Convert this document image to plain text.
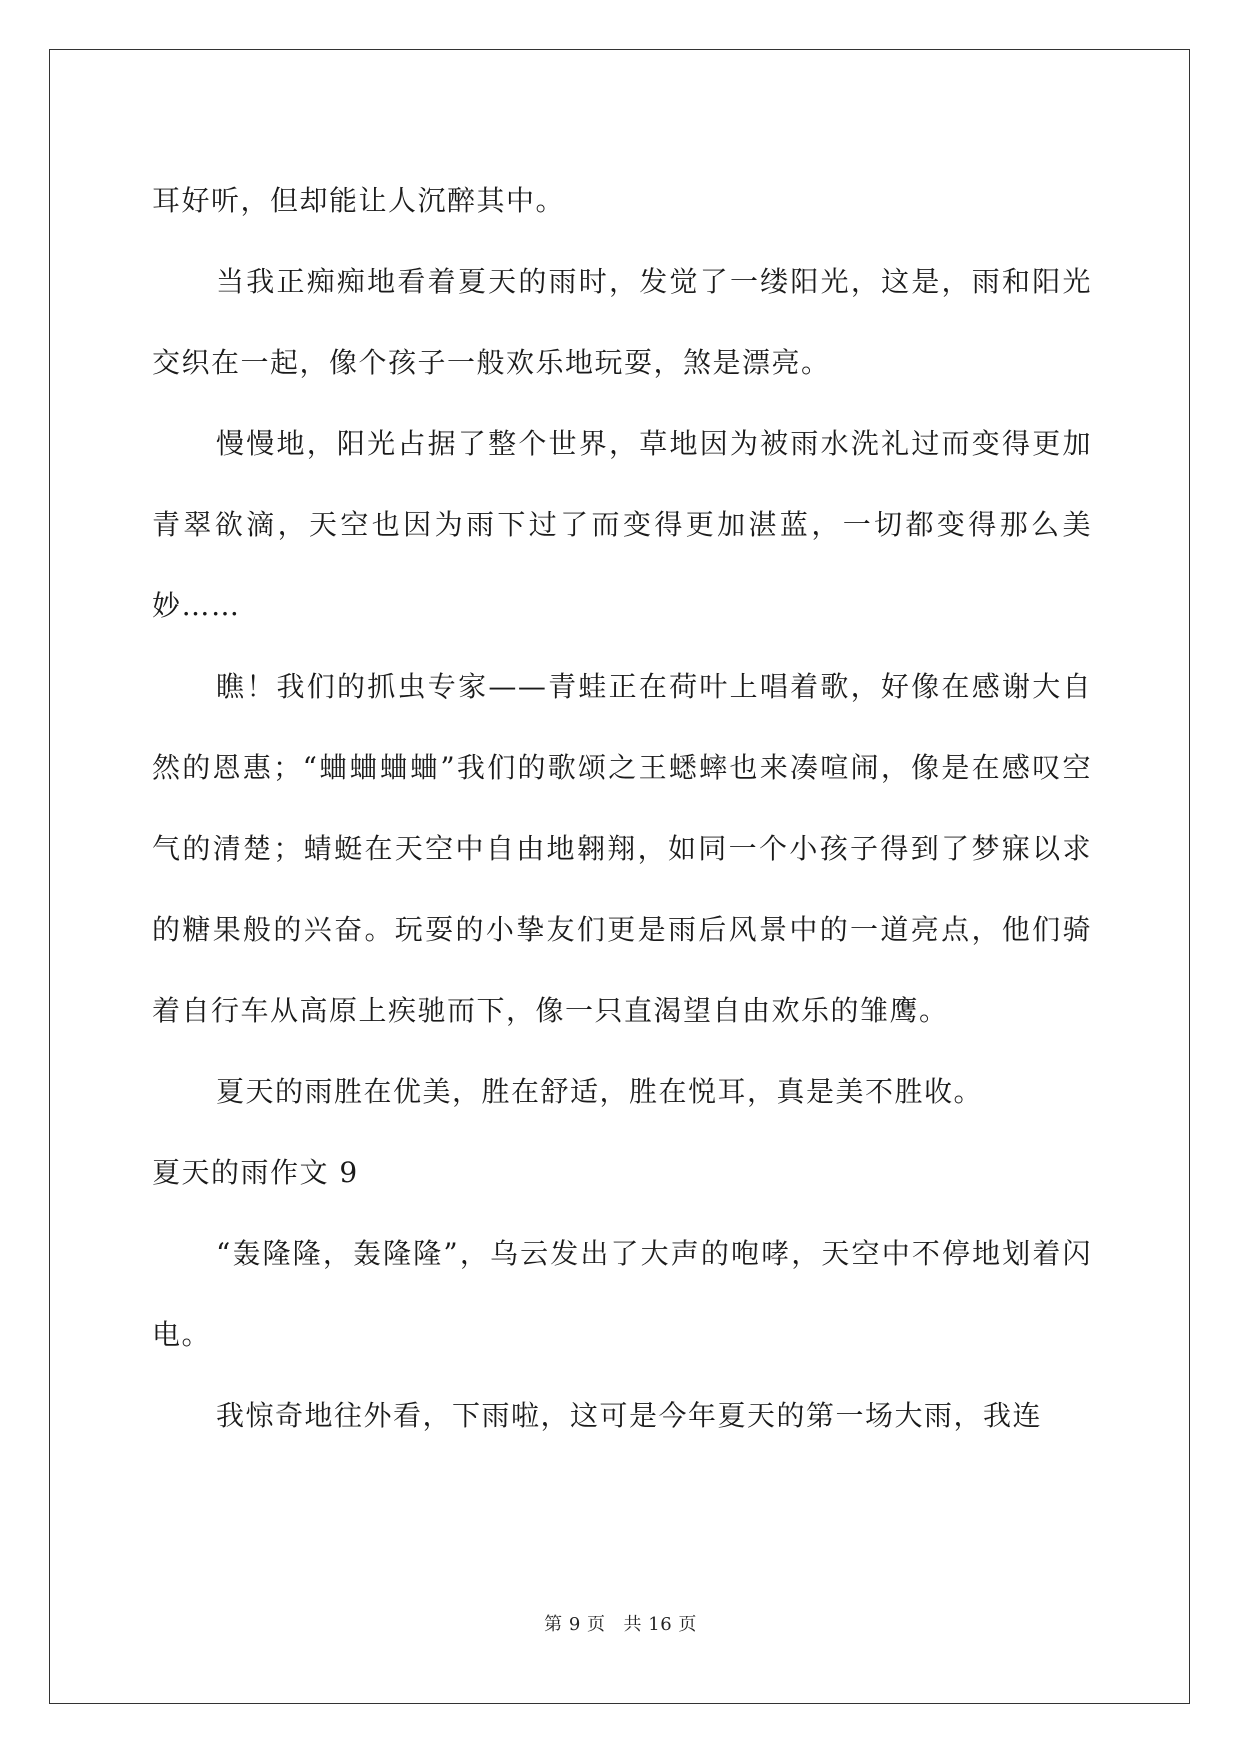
耳好听，但却能让人沉醉其中。

当我正痴痴地看着夏天的雨时，发觉了一缕阳光，这是，雨和阳光交织在一起，像个孩子一般欢乐地玩耍，煞是漂亮。

慢慢地，阳光占据了整个世界，草地因为被雨水洗礼过而变得更加青翠欲滴，天空也因为雨下过了而变得更加湛蓝，一切都变得那么美妙……

瞧！我们的抓虫专家——青蛙正在荷叶上唱着歌，好像在感谢大自然的恩惠；“蛐蛐蛐蛐”我们的歌颂之王蟋蟀也来凑喧闹，像是在感叹空气的清楚；蜻蜓在天空中自由地翱翔，如同一个小孩子得到了梦寐以求的糖果般的兴奋。玩耍的小挚友们更是雨后风景中的一道亮点，他们骑着自行车从高原上疾驰而下，像一只直渴望自由欢乐的雏鹰。

夏天的雨胜在优美，胜在舒适，胜在悦耳，真是美不胜收。

夏天的雨作文 9

“轰隆隆，轰隆隆”，乌云发出了大声的咆哮，天空中不停地划着闪电。

我惊奇地往外看，下雨啦，这可是今年夏天的第一场大雨，我连

第 9 页 共 16 页
